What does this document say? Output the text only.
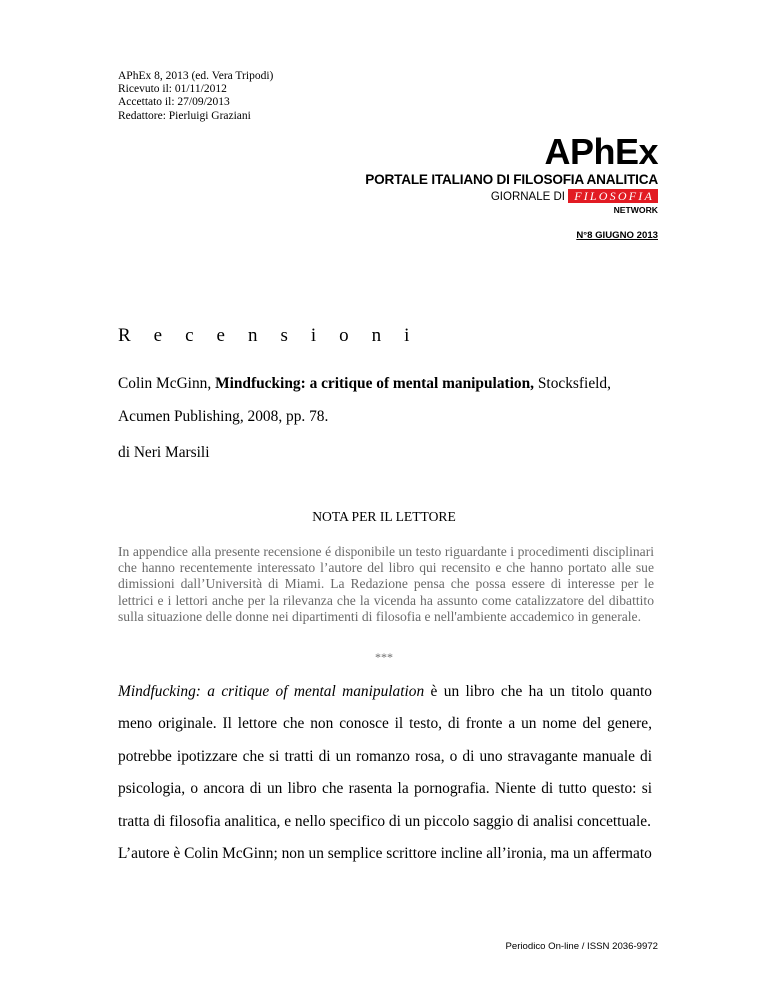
APhEx 8, 2013 (ed. Vera Tripodi)
Ricevuto il: 01/11/2012
Accettato il: 27/09/2013
Redattore: Pierluigi Graziani
APhEx
PORTALE ITALIANO DI FILOSOFIA ANALITICA
GIORNALE DI FILOSOFIA
NETWORK
N°8 GIUGNO 2013
Recensioni
Colin McGinn, Mindfucking: a critique of mental manipulation, Stocksfield, Acumen Publishing, 2008, pp. 78.
di Neri Marsili
NOTA PER IL LETTORE
In appendice alla presente recensione é disponibile un testo riguardante i procedimenti disciplinari che hanno recentemente interessato l’autore del libro qui recensito e che hanno portato alle sue dimissioni dall’Università di Miami. La Redazione pensa che possa essere di interesse per le lettrici e i lettori anche per la rilevanza che la vicenda ha assunto come catalizzatore del dibattito sulla situazione delle donne nei dipartimenti di filosofia e nell'ambiente accademico in generale.
***

Mindfucking: a critique of mental manipulation è un libro che ha un titolo quanto meno originale. Il lettore che non conosce il testo, di fronte a un nome del genere, potrebbe ipotizzare che si tratti di un romanzo rosa, o di uno stravagante manuale di psicologia, o ancora di un libro che rasenta la pornografia. Niente di tutto questo: si tratta di filosofia analitica, e nello specifico di un piccolo saggio di analisi concettuale.

L’autore è Colin McGinn; non un semplice scrittore incline all’ironia, ma un affermato

Periodico On-line / ISSN 2036-9972
